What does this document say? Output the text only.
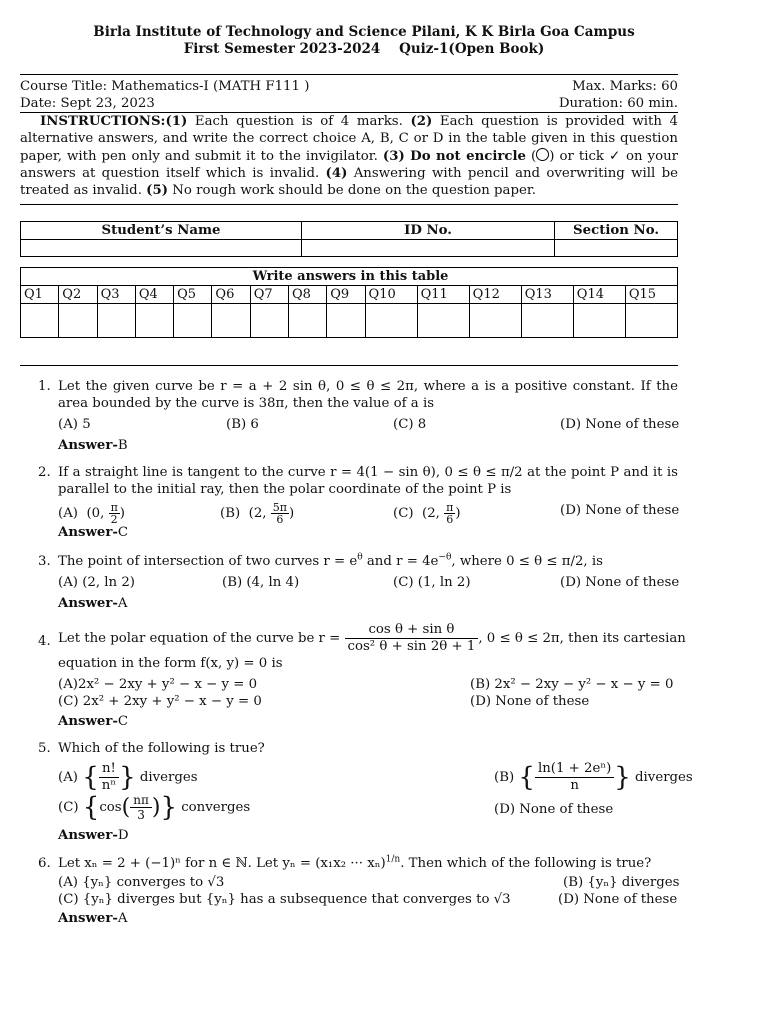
Birla Institute of Technology and Science Pilani, K K Birla Goa Campus
First Semester 2023-2024    Quiz-1(Open Book)
Course Title: Mathematics-I (MATH F111 )	Max. Marks: 60
Date: Sept 23, 2023	Duration: 60 min.
INSTRUCTIONS:(1) Each question is of 4 marks. (2) Each question is provided with 4 alternative answers, and write the correct choice A, B, C or D in the table given in this question paper, with pen only and submit it to the invigilator. (3) Do not encircle ( ) or tick ✓ on your answers at question itself which is invalid. (4) Answering with pencil and overwriting will be treated as invalid. (5) No rough work should be done on the question paper.
Student’s Name	ID No.	Section No.

Write answers in this table														
Q1	Q2	Q3	Q4	Q5	Q6	Q7	Q8	Q9	Q10	Q11	Q12	Q13	Q14	Q15

1. Let the given curve be r = a + 2 sin θ, 0 ≤ θ ≤ 2π, where a is a positive constant. If the area bounded by the curve is 38π, then the value of a is
(A) 5	(B) 6	(C) 8	(D) None of these
Answer-B
2. If a straight line is tangent to the curve r = 4(1 − sin θ), 0 ≤ θ ≤ π/2 at the point P and it is parallel to the initial ray, then the polar coordinate of the point P is
(A) (0, $\frac{\pi}{2}$ )	(B) (2, $\frac{5\pi}{6}$ )	(C) (2, $\frac{\pi}{6}$ )	(D) None of these
Answer-C
3. The point of intersection of two curves $r = e^\theta$ and $r = 4e^{-\theta}$, where 0 ≤ θ ≤ π/2, is
(A) (2, ln 2)	(B) (4, ln 4)	(C) (1, ln 2)	(D) None of these
Answer-A
4. Let the polar equation of the curve be $r = \frac{\text{cos θ + sin θ}}{\text{cos² θ + sin 2θ + 1}}$ , 0 ≤ θ ≤ 2π, then its cartesian
equation in the form f(x, y) = 0 is
(A)2x² − 2xy + y² − x − y = 0	(B) 2x² − 2xy − y² − x − y = 0
(C) 2x² + 2xy + y² − x − y = 0	(D) None of these
Answer-C
5. Which of the following is true?
(A) { $\frac{n!}{\text{nⁿ}}$ } diverges	(B) { $\frac{\text{ln(1 + 2eⁿ)}}{n}$ } diverges
(C) {$\cos( \frac{n\pi}{3}$ )} converges	(D) None of these
Answer-D
6. Let xₙ = 2 + (−1)ⁿ for n ∈ ℕ. Let yₙ = (x₁x₂ ··· xₙ)$^{1/n}$. Then which of the following is true?
(A) {yₙ} converges to √3	(B) {yₙ} diverges
(C) {yₙ} diverges but {yₙ} has a subsequence that converges to √3	(D) None of these
Answer-A
